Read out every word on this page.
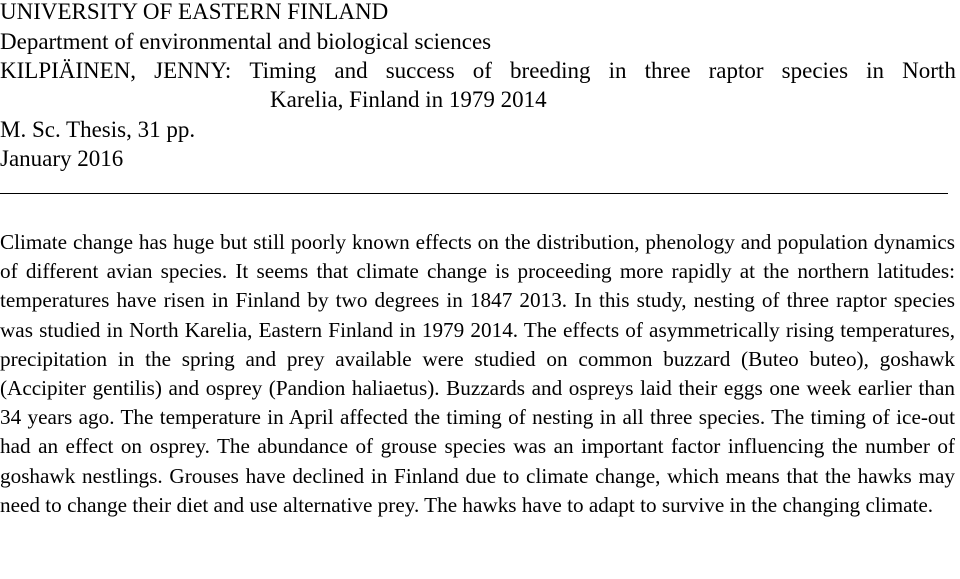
UNIVERSITY OF EASTERN FINLAND
Department of environmental and biological sciences
KILPIÄINEN, JENNY: Timing and success of breeding in three raptor species in North
Karelia, Finland in 1979 2014
M. Sc. Thesis, 31 pp.
January 2016
Climate change has huge but still poorly known effects on the distribution, phenology and population dynamics of different avian species. It seems that climate change is proceeding more rapidly at the northern latitudes: temperatures have risen in Finland by two degrees in 1847 2013. In this study, nesting of three raptor species was studied in North Karelia, Eastern Finland in 1979 2014. The effects of asymmetrically rising temperatures, precipitation in the spring and prey available were studied on common buzzard (Buteo buteo), goshawk (Accipiter gentilis) and osprey (Pandion haliaetus). Buzzards and ospreys laid their eggs one week earlier than 34 years ago. The temperature in April affected the timing of nesting in all three species. The timing of ice-out had an effect on osprey. The abundance of grouse species was an important factor influencing the number of goshawk nestlings. Grouses have declined in Finland due to climate change, which means that the hawks may need to change their diet and use alternative prey. The hawks have to adapt to survive in the changing climate.
